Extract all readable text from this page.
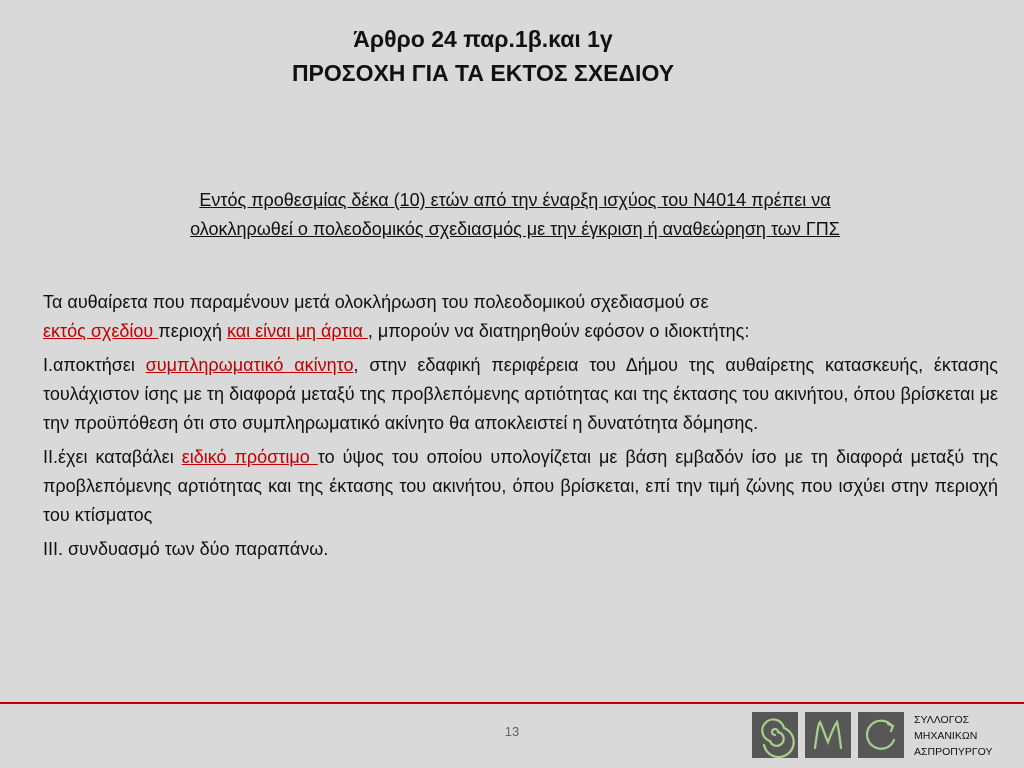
Άρθρο 24 παρ.1β.και 1γ
ΠΡΟΣΟΧΗ ΓΙΑ ΤΑ ΕΚΤΟΣ ΣΧΕΔΙΟΥ
Εντός προθεσμίας δέκα (10) ετών από την έναρξη ισχύος του Ν4014 πρέπει να
ολοκληρωθεί ο πολεοδομικός σχεδιασμός με την έγκριση ή αναθεώρηση των ΓΠΣ

Τα αυθαίρετα που παραμένουν μετά ολοκλήρωση του πολεοδομικού σχεδιασμού σε
εκτός σχεδίου περιοχή και είναι μη άρτια , μπορούν να διατηρηθούν εφόσον ο ιδιοκτήτης:

Ι.αποκτήσει συμπληρωματικό ακίνητο, στην εδαφική περιφέρεια του Δήμου της αυθαίρετης κατασκευής, έκτασης τουλάχιστον ίσης με τη διαφορά μεταξύ της προβλεπόμενης αρτιότητας και της έκτασης του ακινήτου, όπου βρίσκεται με την προϋπόθεση ότι στο συμπληρωματικό ακίνητο θα αποκλειστεί η δυνατότητα δόμησης.

ΙΙ.έχει καταβάλει ειδικό πρόστιμο το ύψος του οποίου υπολογίζεται με βάση εμβαδόν ίσο με τη διαφορά μεταξύ της προβλεπόμενης αρτιότητας και της έκτασης του ακινήτου, όπου βρίσκεται, επί την τιμή ζώνης που ισχύει στην περιοχή του κτίσματος

ΙΙΙ. συνδυασμό των δύο παραπάνω.

13
ΣΥΛΛΟΓΟΣ
ΜΗΧΑΝΙΚΩΝ
ΑΣΠΡΟΠΥΡΓΟΥ
